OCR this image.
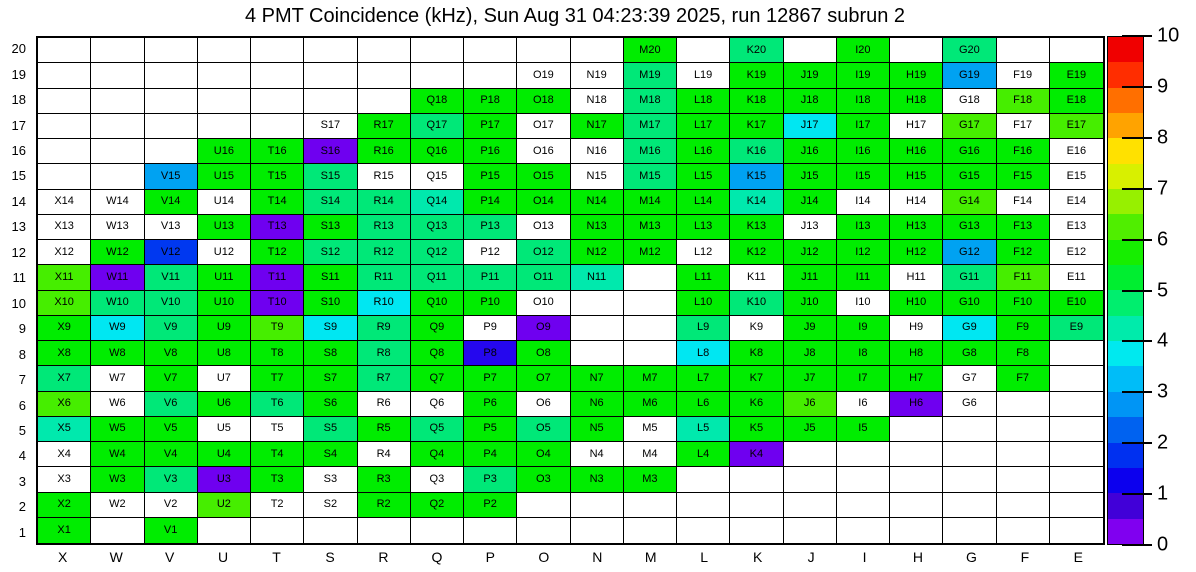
4 PMT Coincidence (kHz), Sun Aug 31 04:23:39 2025, run 12867 subrun 2
20
19
18
17
16
15
14
13
12
11
10
9
8
7
6
5
4
3
2
1
M20	K20	I20	G20
O19	N19	M19	L19	K19	J19	I19	H19	G19	F19	E19
Q18	P18	O18	N18	M18	L18	K18	J18	I18	H18	G18	F18	E18
S17	R17	Q17	P17	O17	N17	M17	L17	K17	J17	I17	H17	G17	F17	E17
U16	T16	S16	R16	Q16	P16	O16	N16	M16	L16	K16	J16	I16	H16	G16	F16	E16
V15	U15	T15	S15	R15	Q15	P15	O15	N15	M15	L15	K15	J15	I15	H15	G15	F15	E15
X14	W14	V14	U14	T14	S14	R14	Q14	P14	O14	N14	M14	L14	K14	J14	I14	H14	G14	F14	E14
X13	W13	V13	U13	T13	S13	R13	Q13	P13	O13	N13	M13	L13	K13	J13	I13	H13	G13	F13	E13
X12	W12	V12	U12	T12	S12	R12	Q12	P12	O12	N12	M12	L12	K12	J12	I12	H12	G12	F12	E12
X11	W11	V11	U11	T11	S11	R11	Q11	P11	O11	N11	L11	K11	J11	I11	H11	G11	F11	E11
X10	W10	V10	U10	T10	S10	R10	Q10	P10	O10	L10	K10	J10	I10	H10	G10	F10	E10
X9	W9	V9	U9	T9	S9	R9	Q9	P9	O9	L9	K9	J9	I9	H9	G9	F9	E9
X8	W8	V8	U8	T8	S8	R8	Q8	P8	O8	L8	K8	J8	I8	H8	G8	F8
X7	W7	V7	U7	T7	S7	R7	Q7	P7	O7	N7	M7	L7	K7	J7	I7	H7	G7	F7
X6	W6	V6	U6	T6	S6	R6	Q6	P6	O6	N6	M6	L6	K6	J6	I6	H6	G6
X5	W5	V5	U5	T5	S5	R5	Q5	P5	O5	N5	M5	L5	K5	J5	I5
X4	W4	V4	U4	T4	S4	R4	Q4	P4	O4	N4	M4	L4	K4
X3	W3	V3	U3	T3	S3	R3	Q3	P3	O3	N3	M3
X2	W2	V2	U2	T2	S2	R2	Q2	P2
X1	V1
X	W	V	U	T	S	R	Q	P	O	N	M	L	K	J	I	H	G	F	E
10
9
8
7
6
5
4
3
2
1
0
